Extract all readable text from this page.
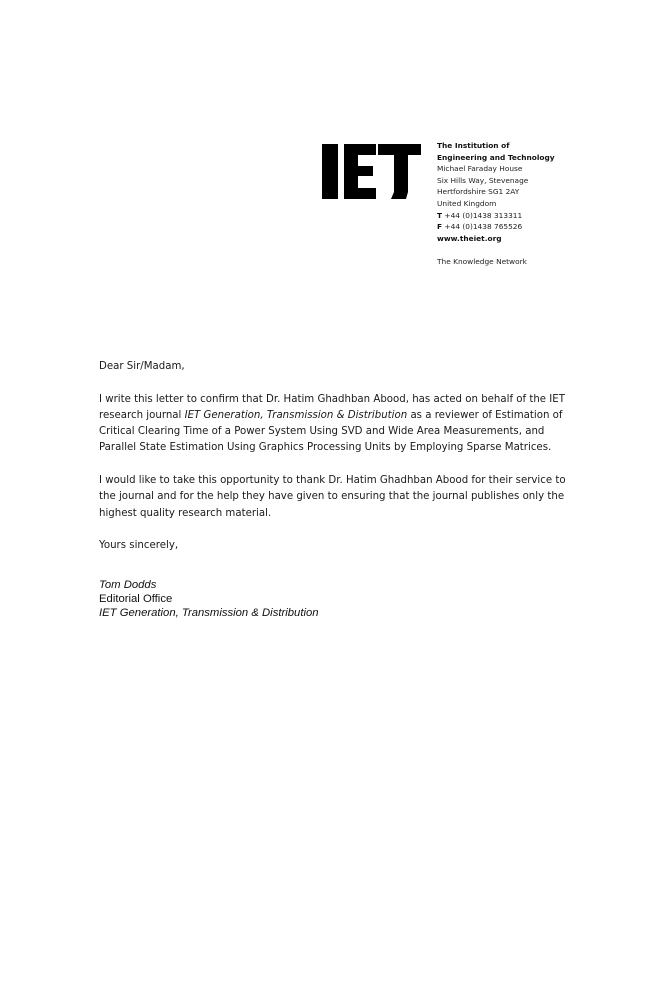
The Institution of
Engineering and Technology
Michael Faraday House
Six Hills Way, Stevenage
Hertfordshire SG1 2AY
United Kingdom
T +44 (0)1438 313311
F +44 (0)1438 765526
www.theiet.org
The Knowledge Network

Dear Sir/Madam,

I write this letter to confirm that Dr. Hatim Ghadhban Abood, has acted on behalf of the IET research journal IET Generation, Transmission & Distribution as a reviewer of Estimation of Critical Clearing Time of a Power System Using SVD and Wide Area Measurements, and Parallel State Estimation Using Graphics Processing Units by Employing Sparse Matrices.

I would like to take this opportunity to thank Dr. Hatim Ghadhban Abood for their service to the journal and for the help they have given to ensuring that the journal publishes only the highest quality research material.

Yours sincerely,

Tom Dodds
Editorial Office
IET Generation, Transmission & Distribution
